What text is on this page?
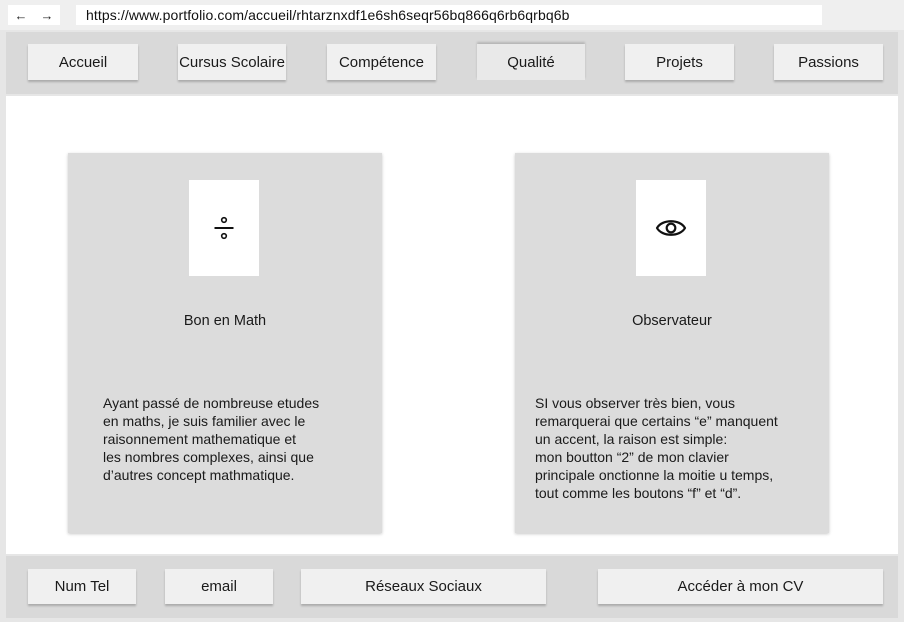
← →
https://www.portfolio.com/accueil/rhtarznxdf1e6sh6seqr56bq866q6rb6qrbq6b
Accueil	Cursus Scolaire	Compétence	Qualité	Projets	Passions
Bon en Math
Ayant passé de nombreuse etudes
en maths, je suis familier avec le
raisonnement mathematique et
les nombres complexes, ainsi que
d’autres concept mathmatique.
Observateur
SI vous observer très bien, vous
remarquerai que certains “e” manquent
un accent, la raison est simple:
mon boutton “2” de mon clavier
principale onctionne la moitie u temps,
tout comme les boutons “f” et “d”.
Num Tel	email	Réseaux Sociaux	Accéder à mon CV
